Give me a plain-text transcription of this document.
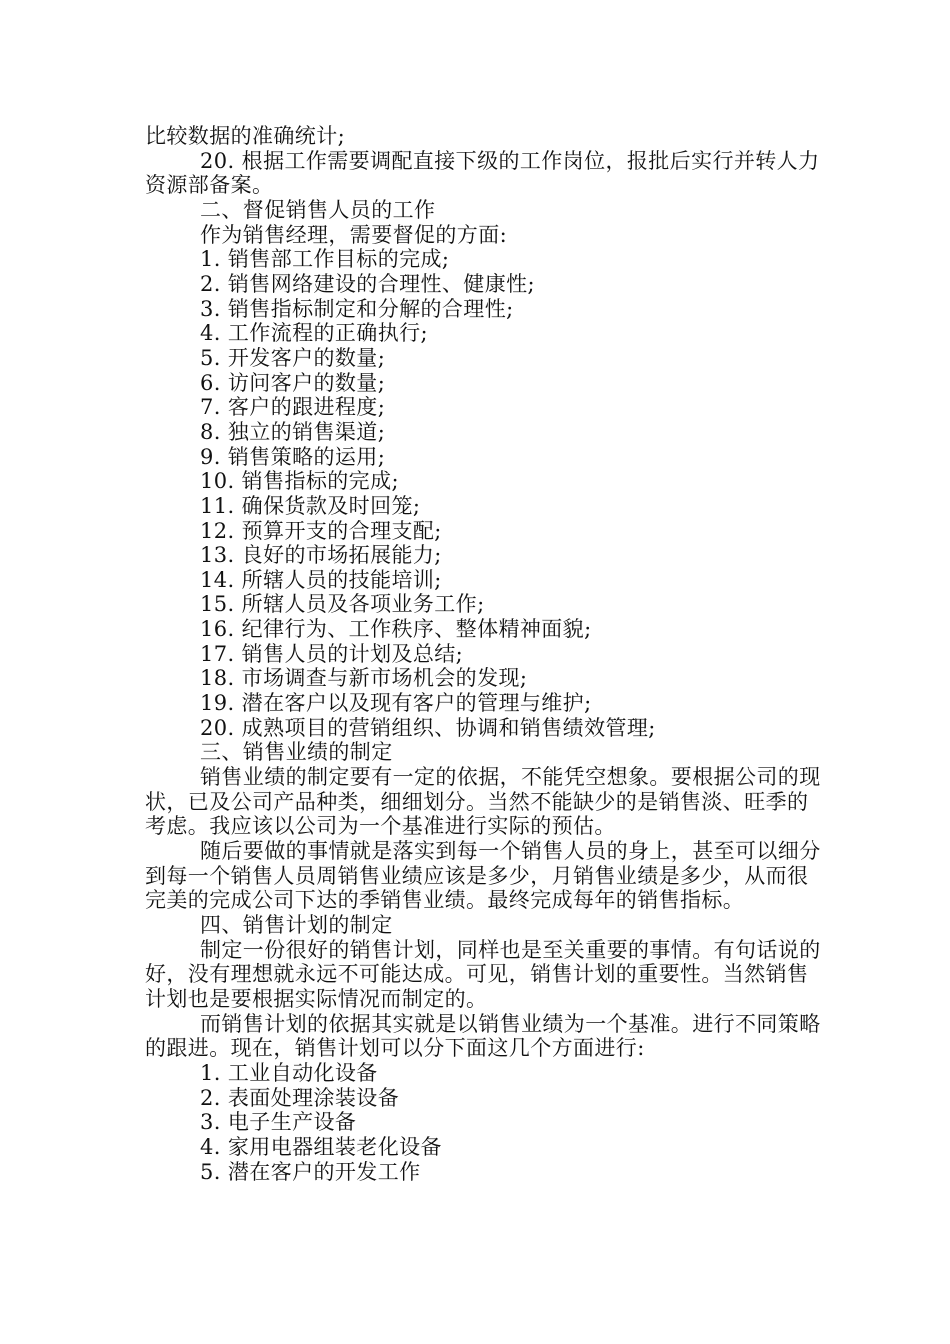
比较数据的准确统计;

20. 根据工作需要调配直接下级的工作岗位，报批后实行并转人力资源部备案。

二、督促销售人员的工作

作为销售经理，需要督促的方面:

1. 销售部工作目标的完成;

2. 销售网络建设的合理性、健康性;

3. 销售指标制定和分解的合理性;

4. 工作流程的正确执行;

5. 开发客户的数量;

6. 访问客户的数量;

7. 客户的跟进程度;

8. 独立的销售渠道;

9. 销售策略的运用;

10. 销售指标的完成;

11. 确保货款及时回笼;

12. 预算开支的合理支配;

13. 良好的市场拓展能力;

14. 所辖人员的技能培训;

15. 所辖人员及各项业务工作;

16. 纪律行为、工作秩序、整体精神面貌;

17. 销售人员的计划及总结;

18. 市场调查与新市场机会的发现;

19. 潜在客户以及现有客户的管理与维护;

20. 成熟项目的营销组织、协调和销售绩效管理;

三、销售业绩的制定

销售业绩的制定要有一定的依据，不能凭空想象。要根据公司的现状，已及公司产品种类，细细划分。当然不能缺少的是销售淡、旺季的考虑。我应该以公司为一个基准进行实际的预估。

随后要做的事情就是落实到每一个销售人员的身上，甚至可以细分到每一个销售人员周销售业绩应该是多少，月销售业绩是多少，从而很完美的完成公司下达的季销售业绩。最终完成每年的销售指标。

四、销售计划的制定

制定一份很好的销售计划，同样也是至关重要的事情。有句话说的好，没有理想就永远不可能达成。可见，销售计划的重要性。当然销售计划也是要根据实际情况而制定的。

而销售计划的依据其实就是以销售业绩为一个基准。进行不同策略的跟进。现在，销售计划可以分下面这几个方面进行:

1. 工业自动化设备

2. 表面处理涂装设备

3. 电子生产设备

4. 家用电器组装老化设备

5. 潜在客户的开发工作
